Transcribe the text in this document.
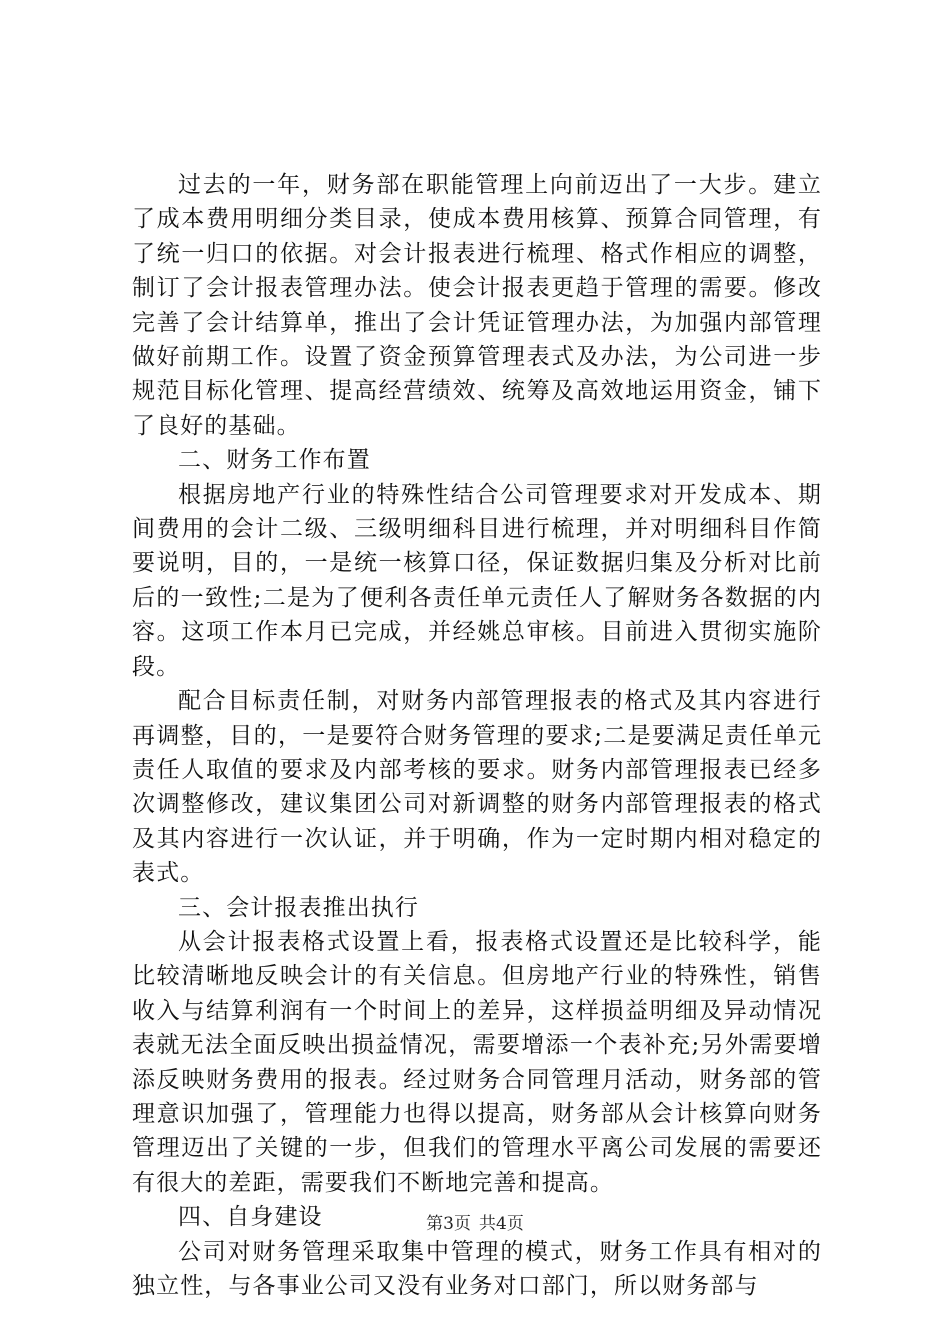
过去的一年，财务部在职能管理上向前迈出了一大步。建立了成本费用明细分类目录，使成本费用核算、预算合同管理，有了统一归口的依据。对会计报表进行梳理、格式作相应的调整，制订了会计报表管理办法。使会计报表更趋于管理的需要。修改完善了会计结算单，推出了会计凭证管理办法，为加强内部管理做好前期工作。设置了资金预算管理表式及办法，为公司进一步规范目标化管理、提高经营绩效、统筹及高效地运用资金，铺下了良好的基础。

二、财务工作布置

根据房地产行业的特殊性结合公司管理要求对开发成本、期间费用的会计二级、三级明细科目进行梳理，并对明细科目作简要说明，目的，一是统一核算口径，保证数据归集及分析对比前后的一致性;二是为了便利各责任单元责任人了解财务各数据的内容。这项工作本月已完成，并经姚总审核。目前进入贯彻实施阶段。

配合目标责任制，对财务内部管理报表的格式及其内容进行再调整，目的，一是要符合财务管理的要求;二是要满足责任单元责任人取值的要求及内部考核的要求。财务内部管理报表已经多次调整修改，建议集团公司对新调整的财务内部管理报表的格式及其内容进行一次认证，并于明确，作为一定时期内相对稳定的表式。

三、会计报表推出执行

从会计报表格式设置上看，报表格式设置还是比较科学，能比较清晰地反映会计的有关信息。但房地产行业的特殊性，销售收入与结算利润有一个时间上的差异，这样损益明细及异动情况表就无法全面反映出损益情况，需要增添一个表补充;另外需要增添反映财务费用的报表。经过财务合同管理月活动，财务部的管理意识加强了，管理能力也得以提高，财务部从会计核算向财务管理迈出了关键的一步，但我们的管理水平离公司发展的需要还有很大的差距，需要我们不断地完善和提高。

四、自身建设

公司对财务管理采取集中管理的模式，财务工作具有相对的独立性，与各事业公司又没有业务对口部门，所以财务部与

第3页 共4页
